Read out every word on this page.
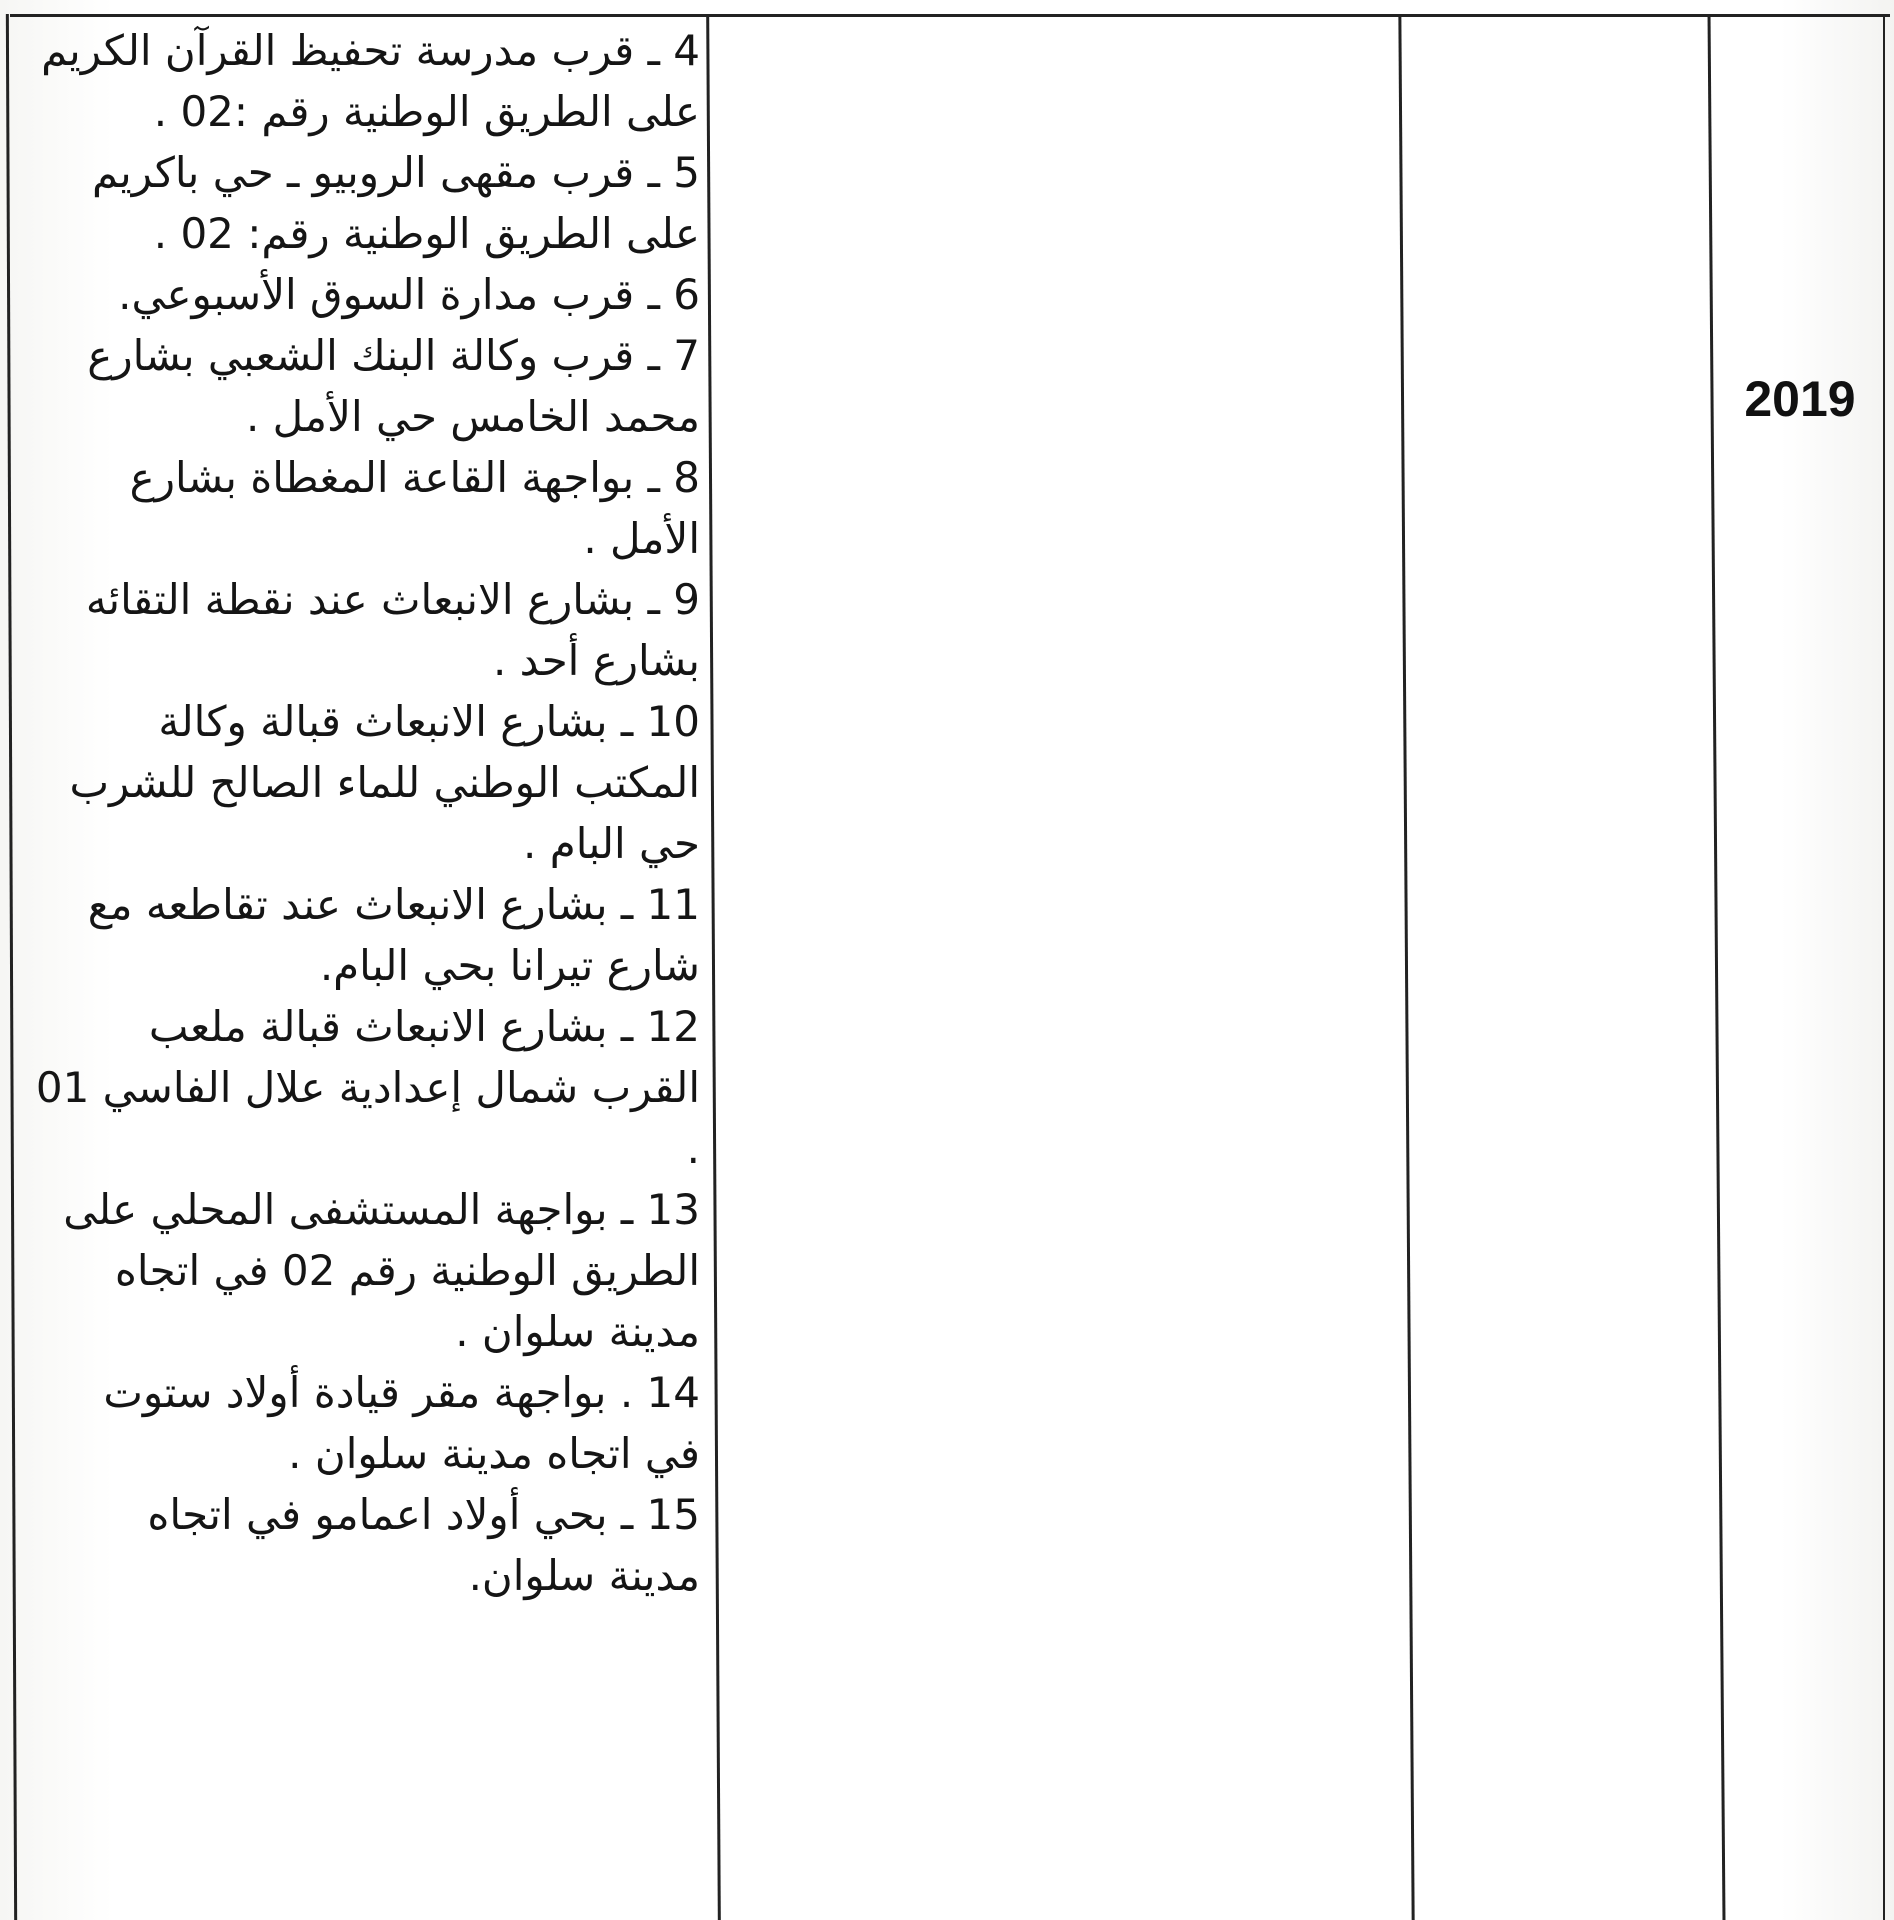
4 ـ قرب مدرسة تحفيظ القرآن الكريم

على الطريق الوطنية رقم :02 .

5 ـ قرب مقهى الروبيو ـ حي باكريم

على الطريق الوطنية رقم: 02 .

6 ـ قرب مدارة السوق الأسبوعي.

7 ـ قرب وكالة البنك الشعبي بشارع

محمد الخامس حي الأمل .

8 ـ بواجهة القاعة المغطاة بشارع

الأمل .

9 ـ بشارع الانبعاث عند نقطة التقائه

بشارع أحد .

10 ـ بشارع الانبعاث قبالة وكالة

المكتب الوطني للماء الصالح للشرب

حي البام .

11 ـ بشارع الانبعاث عند تقاطعه مع

شارع تيرانا بحي البام.

12 ـ بشارع الانبعاث قبالة ملعب

القرب شمال إعدادية علال الفاسي 01

.

13 ـ بواجهة المستشفى المحلي على

الطريق الوطنية رقم 02 في اتجاه

مدينة سلوان .

14 . بواجهة مقر قيادة أولاد ستوت

في اتجاه مدينة سلوان .

15 ـ بحي أولاد اعمامو في اتجاه

مدينة سلوان.

2019
